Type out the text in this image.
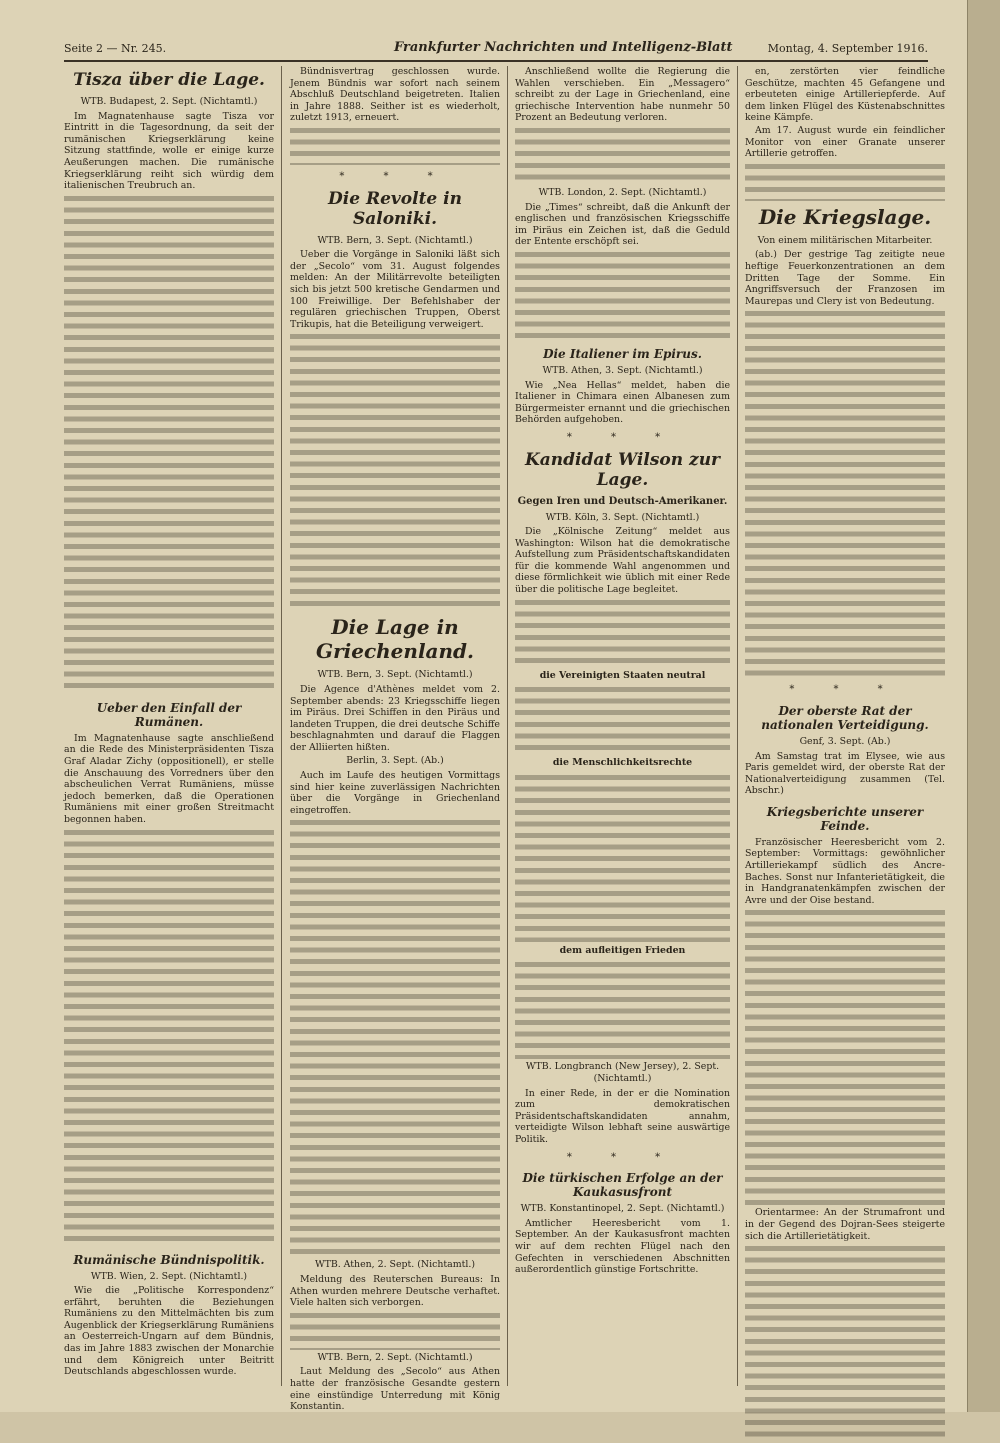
Seite 2 — Nr. 245.	Frankfurter Nachrichten und Intelligenz-Blatt	Montag, 4. September 1916.
Tisza über die Lage.

WTB. Budapest, 2. Sept. (Nichtamtl.)

Im Magnatenhause sagte Tisza vor Eintritt in die Tagesordnung, da seit der rumänischen Kriegserklärung keine Sitzung stattfinde, wolle er einige kurze Aeußerungen machen. Die rumänische Kriegserklärung reiht sich würdig dem italienischen Treubruch an.

Ueber den Einfall der Rumänen.

Im Magnatenhause sagte anschließend an die Rede des Ministerpräsidenten Tisza Graf Aladar Zichy (oppositionell), er stelle die Anschauung des Vorredners über den abscheulichen Verrat Rumäniens, müsse jedoch bemerken, daß die Operationen Rumäniens mit einer großen Streitmacht begonnen haben.

Rumänische Bündnispolitik.

WTB. Wien, 2. Sept. (Nichtamtl.)

Wie die „Politische Korrespondenz“ erfährt, beruhten die Beziehungen Rumäniens zu den Mittelmächten bis zum Augenblick der Kriegserklärung Rumäniens an Oesterreich-Ungarn auf dem Bündnis, das im Jahre 1883 zwischen der Monarchie und dem Königreich unter Beitritt Deutschlands abgeschlossen wurde.

Bündnisvertrag geschlossen wurde. Jenem Bündnis war sofort nach seinem Abschluß Deutschland beigetreten. Italien in Jahre 1888. Seither ist es wiederholt, zuletzt 1913, erneuert.

* * *
Die Revolte in Saloniki.

WTB. Bern, 3. Sept. (Nichtamtl.)

Ueber die Vorgänge in Saloniki läßt sich der „Secolo“ vom 31. August folgendes melden: An der Militärrevolte beteiligten sich bis jetzt 500 kretische Gendarmen und 100 Freiwillige. Der Befehlshaber der regulären griechischen Truppen, Oberst Trikupis, hat die Beteiligung verweigert.

Die Lage in Griechenland.

WTB. Bern, 3. Sept. (Nichtamtl.)

Die Agence d'Athènes meldet vom 2. September abends: 23 Kriegsschiffe liegen im Piräus. Drei Schiffen in den Piräus und landeten Truppen, die drei deutsche Schiffe beschlagnahmten und darauf die Flaggen der Alliierten hißten.

Berlin, 3. Sept. (Ab.)

Auch im Laufe des heutigen Vormittags sind hier keine zuverlässigen Nachrichten über die Vorgänge in Griechenland eingetroffen.

WTB. Athen, 2. Sept. (Nichtamtl.)

Meldung des Reuterschen Bureaus: In Athen wurden mehrere Deutsche verhaftet. Viele halten sich verborgen.

WTB. Bern, 2. Sept. (Nichtamtl.)

Laut Meldung des „Secolo“ aus Athen hatte der französische Gesandte gestern eine einstündige Unterredung mit König Konstantin.

Anschließend wollte die Regierung die Wahlen verschieben. Ein „Messagero“ schreibt zu der Lage in Griechenland, eine griechische Intervention habe nunmehr 50 Prozent an Bedeutung verloren.

WTB. London, 2. Sept. (Nichtamtl.)

Die „Times“ schreibt, daß die Ankunft der englischen und französischen Kriegsschiffe im Piräus ein Zeichen ist, daß die Geduld der Entente erschöpft sei.

Die Italiener im Epirus.

WTB. Athen, 3. Sept. (Nichtamtl.)

Wie „Nea Hellas“ meldet, haben die Italiener in Chimara einen Albanesen zum Bürgermeister ernannt und die griechischen Behörden aufgehoben.

* * *
Kandidat Wilson zur Lage.
Gegen Iren und Deutsch-Amerikaner.

WTB. Köln, 3. Sept. (Nichtamtl.)

Die „Kölnische Zeitung“ meldet aus Washington: Wilson hat die demokratische Aufstellung zum Präsidentschaftskandidaten für die kommende Wahl angenommen und diese förmlichkeit wie üblich mit einer Rede über die politische Lage begleitet.

die Vereinigten Staaten neutral

die Menschlichkeitsrechte

dem aufleitigen Frieden

WTB. Longbranch (New Jersey), 2. Sept. (Nichtamtl.)

In einer Rede, in der er die Nomination zum demokratischen Präsidentschaftskandidaten annahm, verteidigte Wilson lebhaft seine auswärtige Politik.

* * *
Die türkischen Erfolge an der Kaukasusfront

WTB. Konstantinopel, 2. Sept. (Nichtamtl.)

Amtlicher Heeresbericht vom 1. September. An der Kaukasusfront machten wir auf dem rechten Flügel nach den Gefechten in verschiedenen Abschnitten außerordentlich günstige Fortschritte.

en, zerstörten vier feindliche Geschütze, machten 45 Gefangene und erbeuteten einige Artilleriepferde. Auf dem linken Flügel des Küstenabschnittes keine Kämpfe.

Am 17. August wurde ein feindlicher Monitor von einer Granate unserer Artillerie getroffen.

Die Kriegslage.

Von einem militärischen Mitarbeiter.

(ab.) Der gestrige Tag zeitigte neue heftige Feuerkonzentrationen an dem Dritten Tage der Somme. Ein Angriffsversuch der Franzosen im Maurepas und Clery ist von Bedeutung.

* * *
Der oberste Rat der nationalen Verteidigung.

Genf, 3. Sept. (Ab.)

Am Samstag trat im Elysee, wie aus Paris gemeldet wird, der oberste Rat der Nationalverteidigung zusammen (Tel. Abschr.)

Kriegsberichte unserer Feinde.

Französischer Heeresbericht vom 2. September: Vormittags: gewöhnlicher Artilleriekampf südlich des Ancre-Baches. Sonst nur Infanterietätigkeit, die in Handgranatenkämpfen zwischen der Avre und der Oise bestand.

Orientarmee: An der Strumafront und in der Gegend des Dojran-Sees steigerte sich die Artillerietätigkeit.
